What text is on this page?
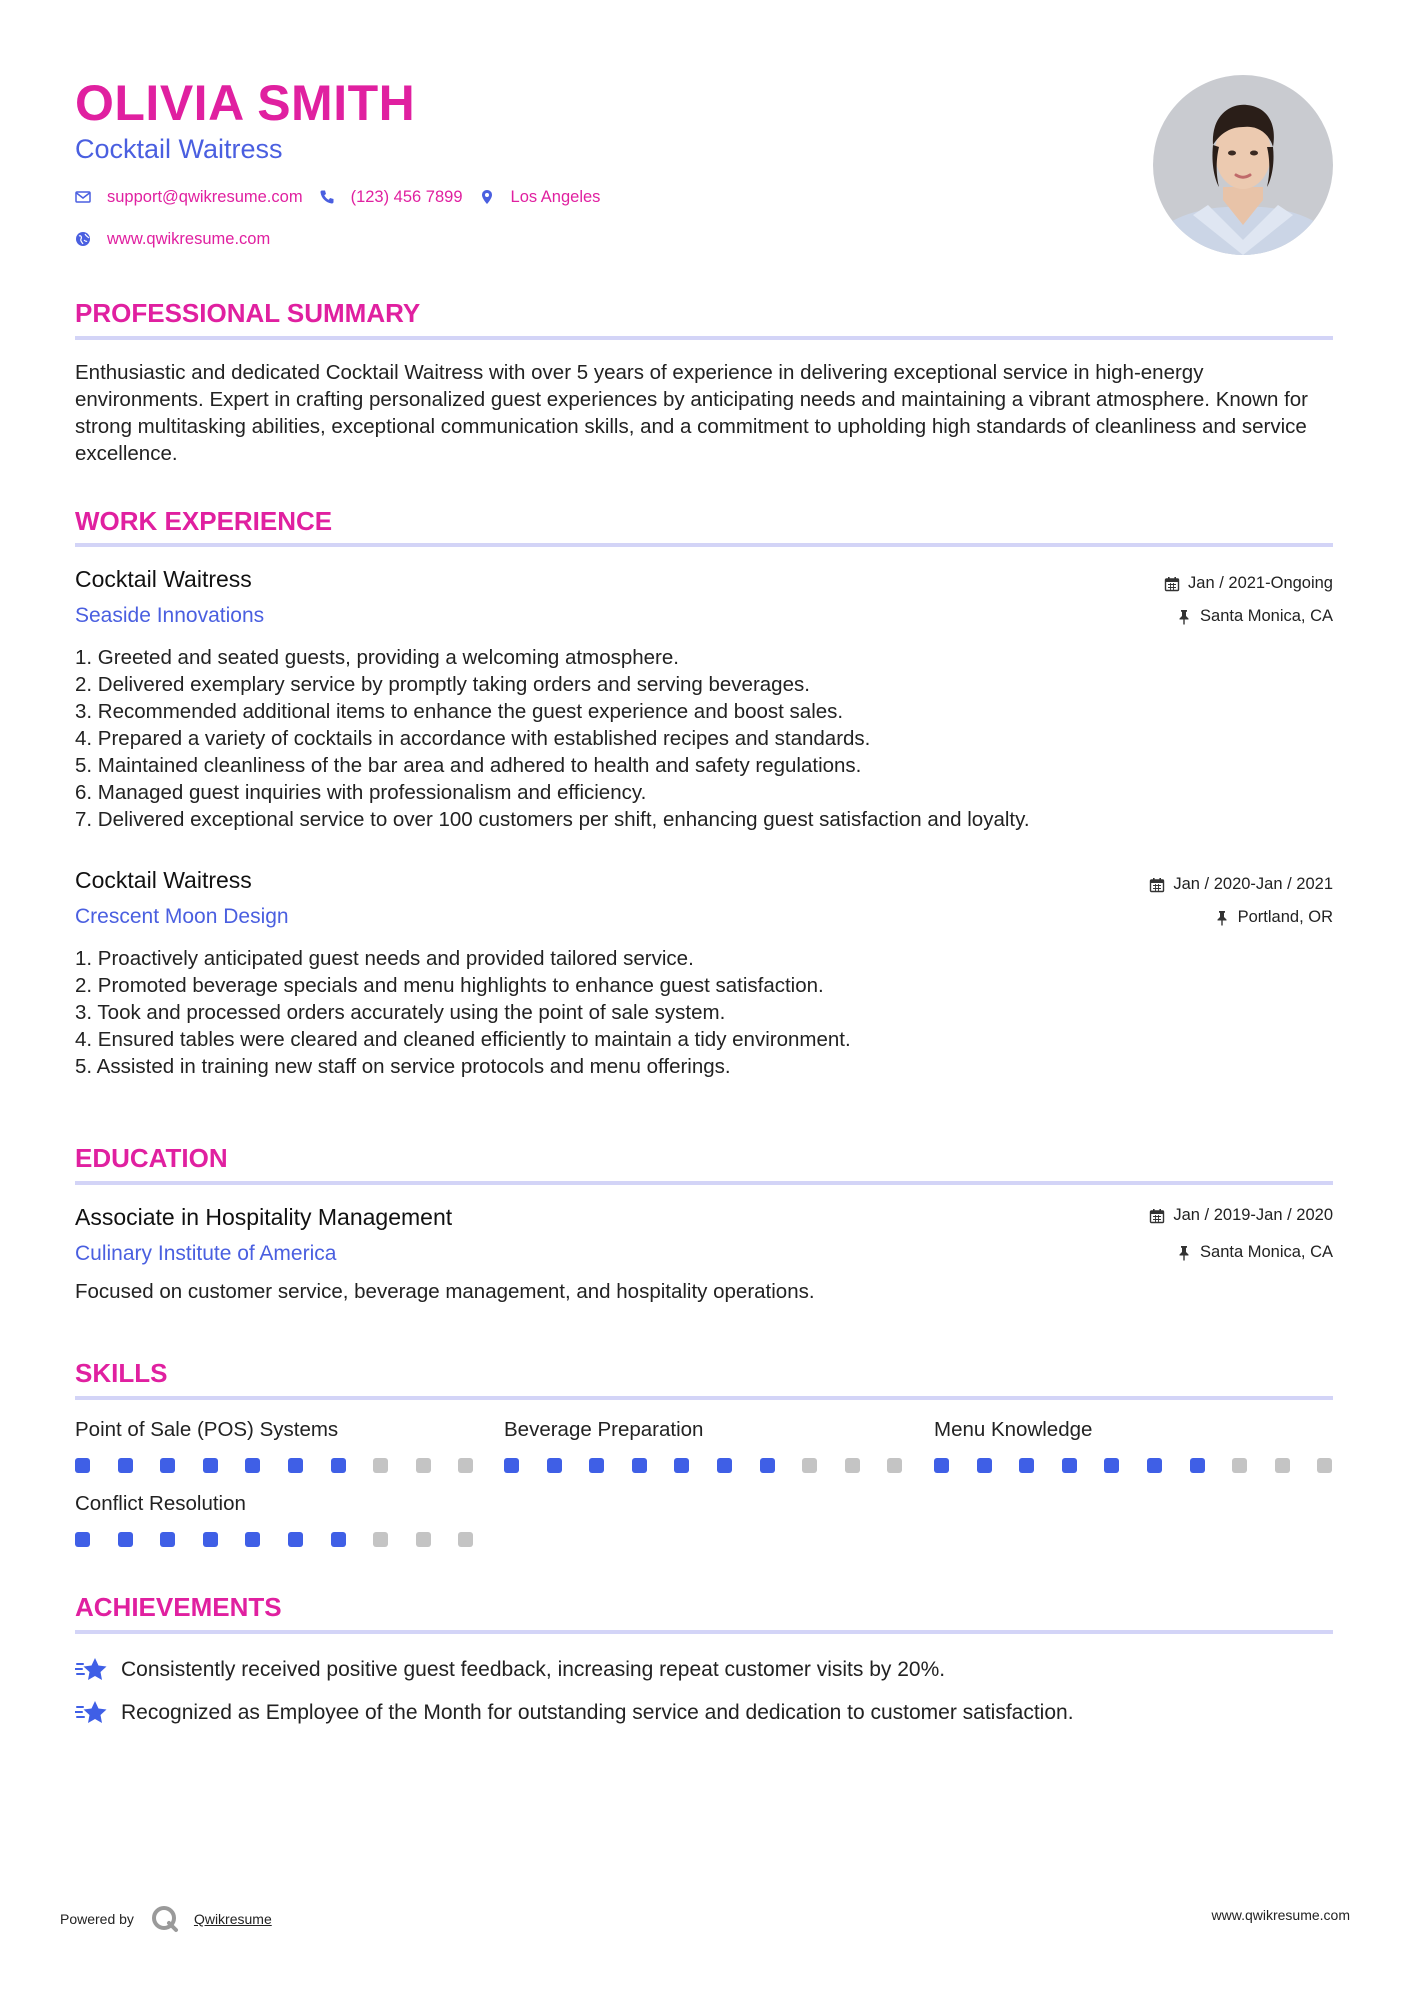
OLIVIA SMITH
Cocktail Waitress
support@qwikresume.com	(123) 456 7899	Los Angeles
www.qwikresume.com
PROFESSIONAL SUMMARY
Enthusiastic and dedicated Cocktail Waitress with over 5 years of experience in delivering exceptional service in high-energy environments. Expert in crafting personalized guest experiences by anticipating needs and maintaining a vibrant atmosphere. Known for strong multitasking abilities, exceptional communication skills, and a commitment to upholding high standards of cleanliness and service excellence.
WORK EXPERIENCE
Cocktail Waitress
Seaside Innovations
Jan / 2021-Ongoing
Santa Monica, CA
1. Greeted and seated guests, providing a welcoming atmosphere.
2. Delivered exemplary service by promptly taking orders and serving beverages.
3. Recommended additional items to enhance the guest experience and boost sales.
4. Prepared a variety of cocktails in accordance with established recipes and standards.
5. Maintained cleanliness of the bar area and adhered to health and safety regulations.
6. Managed guest inquiries with professionalism and efficiency.
7. Delivered exceptional service to over 100 customers per shift, enhancing guest satisfaction and loyalty.
Cocktail Waitress
Crescent Moon Design
Jan / 2020-Jan / 2021
Portland, OR
1. Proactively anticipated guest needs and provided tailored service.
2. Promoted beverage specials and menu highlights to enhance guest satisfaction.
3. Took and processed orders accurately using the point of sale system.
4. Ensured tables were cleared and cleaned efficiently to maintain a tidy environment.
5. Assisted in training new staff on service protocols and menu offerings.
EDUCATION
Associate in Hospitality Management
Culinary Institute of America
Jan / 2019-Jan / 2020
Santa Monica, CA
Focused on customer service, beverage management, and hospitality operations.
SKILLS
Point of Sale (POS) Systems	Beverage Preparation	Menu Knowledge
Conflict Resolution
ACHIEVEMENTS
Consistently received positive guest feedback, increasing repeat customer visits by 20%.
Recognized as Employee of the Month for outstanding service and dedication to customer satisfaction.
Powered by	Qwikresume	www.qwikresume.com
